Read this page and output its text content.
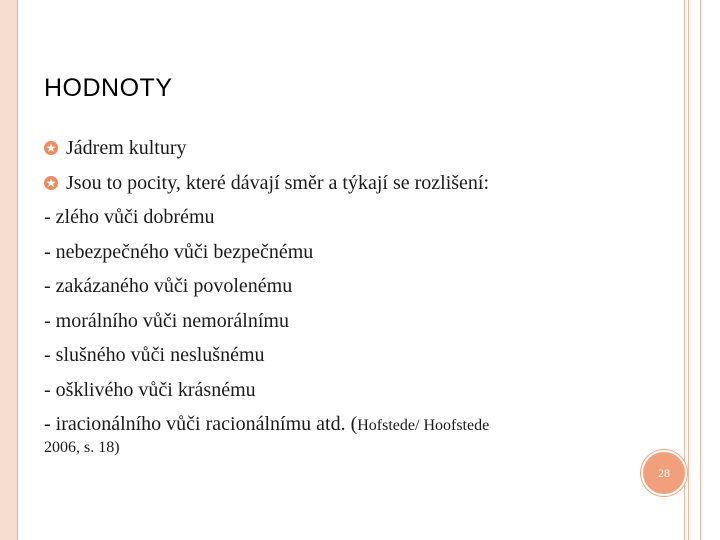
HODNOTY
Jádrem kultury
Jsou to pocity, které dávají směr a týkají se rozlišení:
- zlého vůči dobrému
- nebezpečného vůči bezpečnému
- zakázaného vůči povolenému
- morálního vůči nemorálnímu
- slušného vůči neslušnému
- ošklivého vůči krásnému
- iracionálního vůči racionálnímu atd. (Hofstede/ Hoofstede
2006, s. 18)
28
